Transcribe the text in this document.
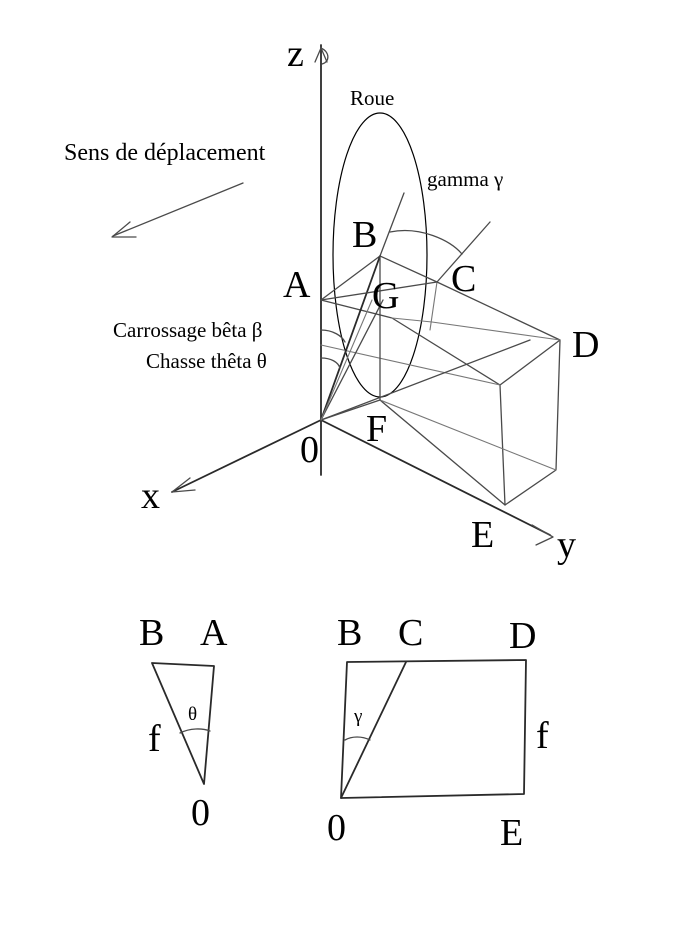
z
x
y
0
Sens de déplacement
Roue
gamma γ
Carrossage bêta β
Chasse thêta θ
A
B
C
G
D
F
E
B A
f
θ
0
B C D
γ	f
0	E
